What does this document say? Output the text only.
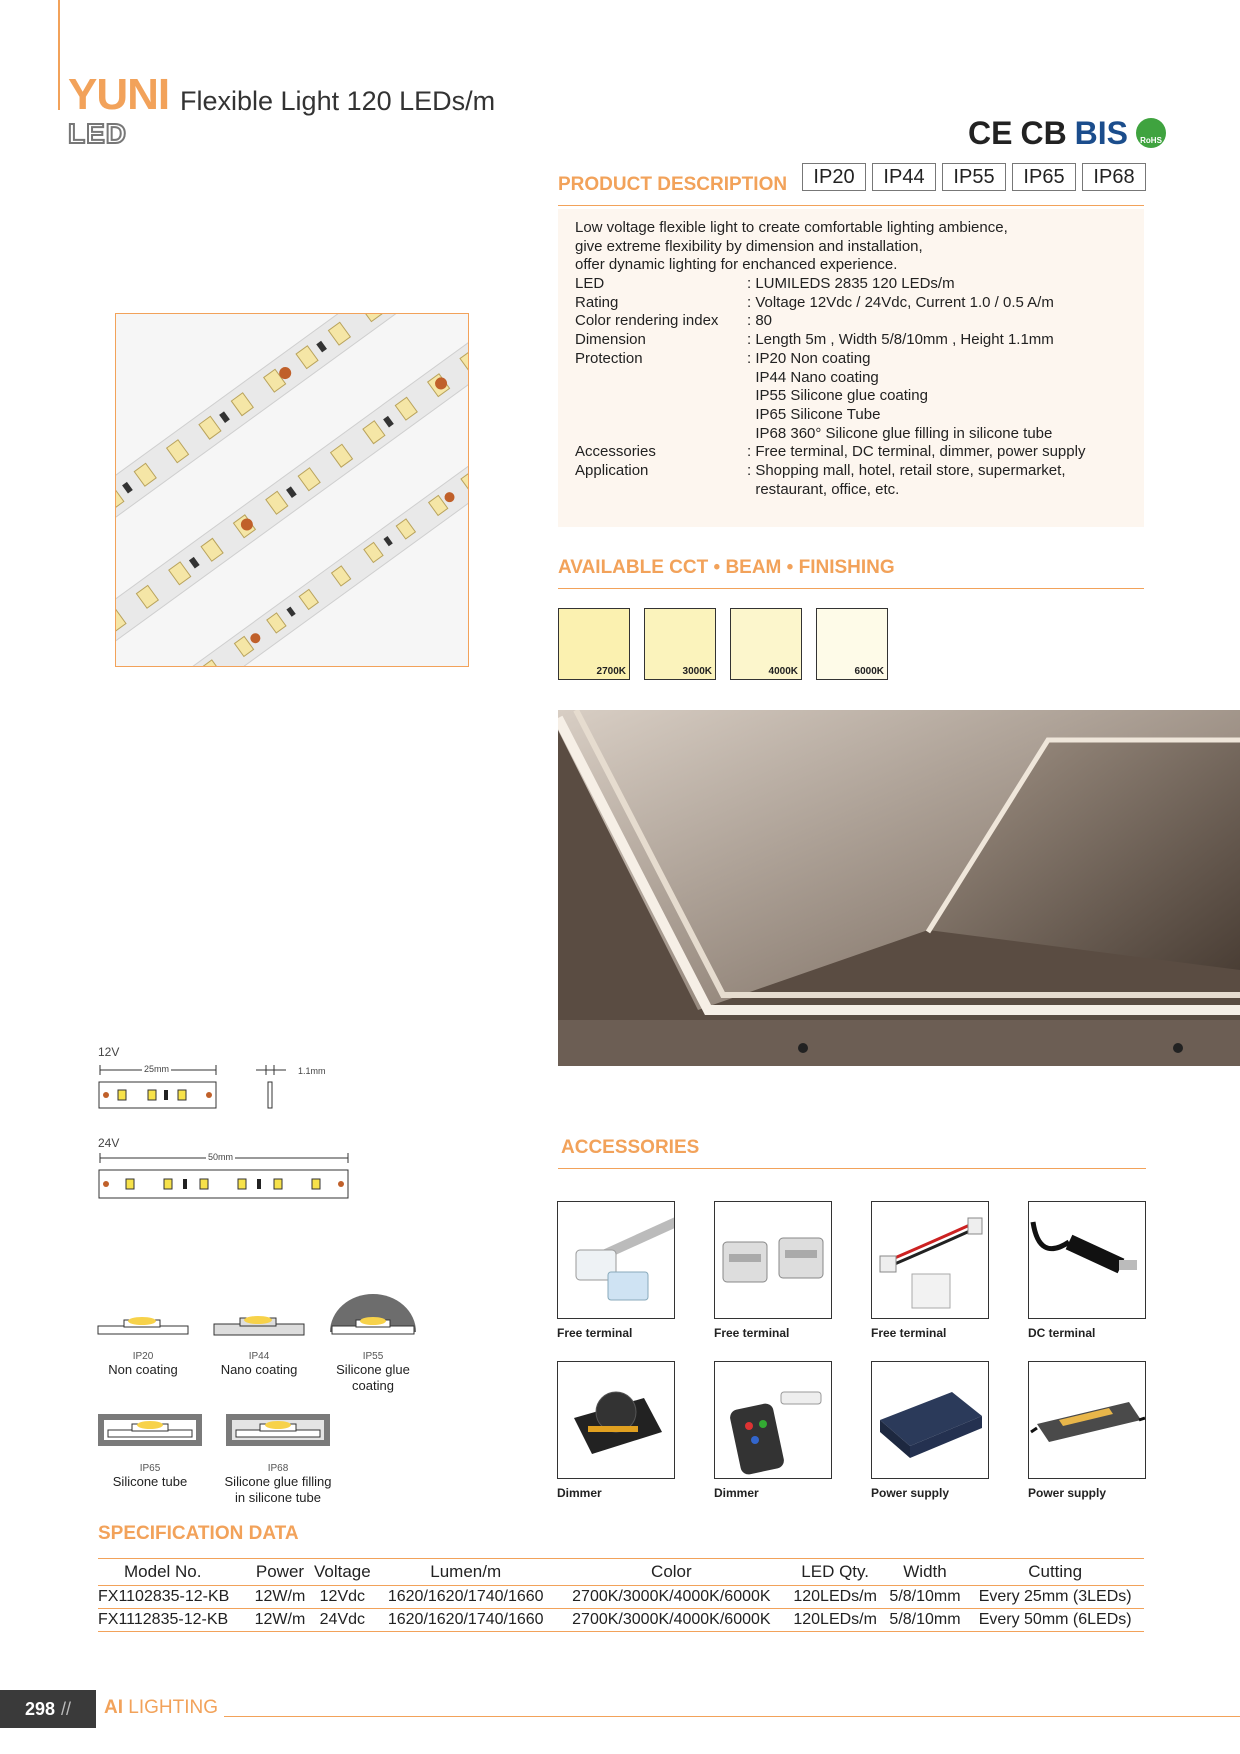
YUNI Flexible Light 120 LEDs/m
LED	CE CB BIS	RoHS
PRODUCT DESCRIPTION	IP20	IP44	IP55	IP65	IP68
Low voltage flexible light to create comfortable lighting ambience,
give extreme flexibility by dimension and installation,
offer dynamic lighting for enchanced experience.
LED	: LUMILEDS 2835 120 LEDs/m
Rating	: Voltage 12Vdc / 24Vdc, Current 1.0 / 0.5 A/m
Color rendering index	: 80
Dimension	: Length 5m , Width 5/8/10mm , Height 1.1mm
Protection	: IP20 Non coating
IP44 Nano coating
IP55 Silicone glue coating
IP65 Silicone Tube
IP68 360° Silicone glue filling in silicone tube
Accessories	: Free terminal, DC terminal, dimmer, power supply
Application	: Shopping mall, hotel, retail store, supermarket,
restaurant, office, etc.
AVAILABLE CCT • BEAM • FINISHING
2700K	3000K	4000K	6000K
12V
25mm	1.1mm
24V
50mm
IP20
Non coating
IP44
Nano coating
IP55
Silicone glue
coating
IP65
Silicone tube
IP68
Silicone glue filling
in silicone tube
ACCESSORIES
Free terminal	Free terminal	Free terminal	DC terminal
Dimmer	Dimmer	Power supply	Power supply
SPECIFICATION DATA
Model No.	Power	Voltage	Lumen/m	Color	LED Qty.	Width	Cutting
FX1102835-12-KB	12W/m	12Vdc	1620/1620/1740/1660	2700K/3000K/4000K/6000K	120LEDs/m	5/8/10mm	Every 25mm (3LEDs)
FX1112835-12-KB	12W/m	24Vdc	1620/1620/1740/1660	2700K/3000K/4000K/6000K	120LEDs/m	5/8/10mm	Every 50mm (6LEDs)
298 // AI LIGHTING
